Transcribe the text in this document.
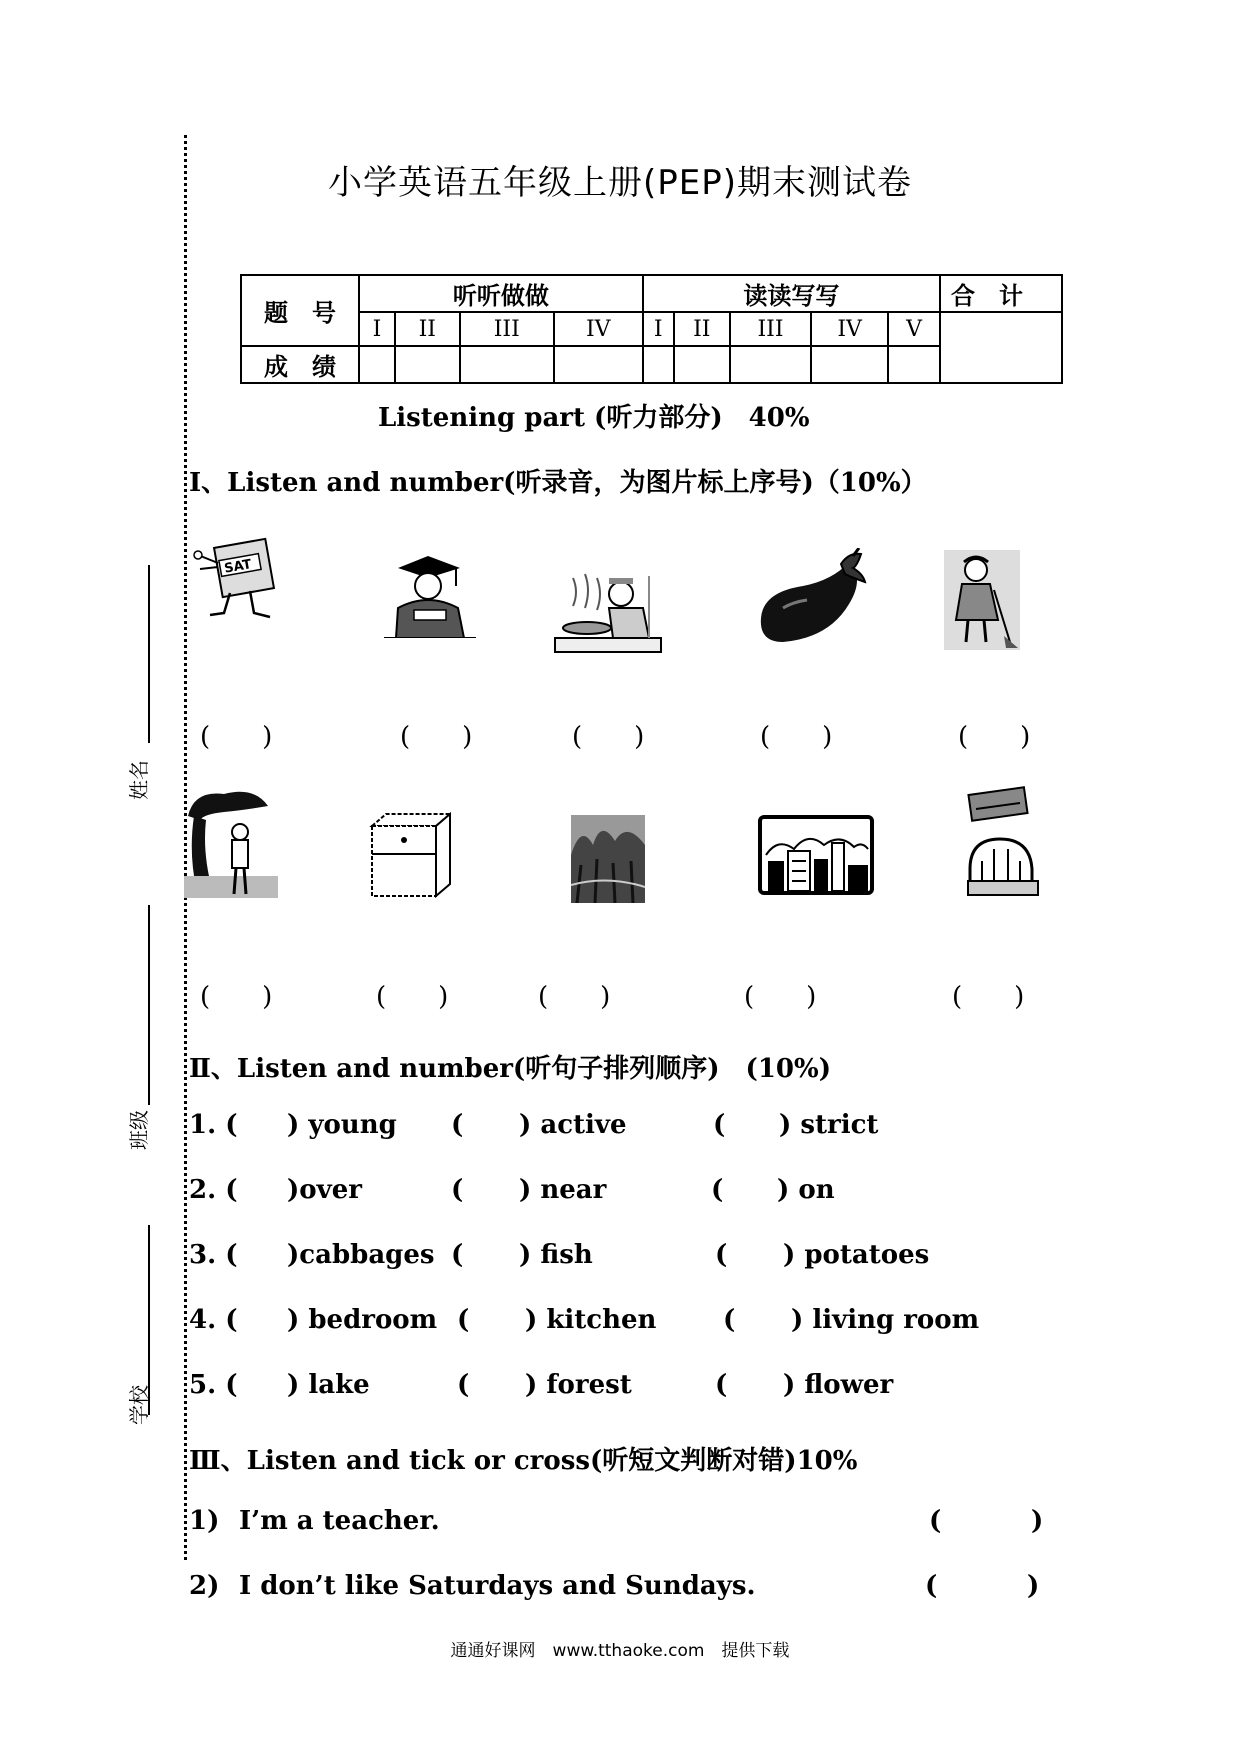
小学英语五年级上册(PEP)期末测试卷
姓名
班级
学校
题　号	听听做做				读读写写					合　计
	I	II	III	IV	I	II	III	IV	V	
成　绩										
Listening part (听力部分)　40%
Ⅰ、Listen and number(听录音，为图片标上序号)（10%）
SAT
(　　)	(　　)	(　　)	(　　)	(　　)
(　　)	(　　)	(　　)	(　　)	(　　)
Ⅱ、Listen and number(听句子排列顺序)　(10%)
1. ( ) young ( ) active	( ) strict
2. ( )over	( ) near	( ) on
3. ( )cabbages ( ) fish	( ) potatoes
4. ( ) bedroom ( ) kitchen	( ) living room
5. ( ) lake	( ) forest	( ) flower
Ⅲ、Listen and tick or cross(听短文判断对错)10%
1) I’m a teacher.	(	)
2) I don’t like Saturdays and Sundays.	(	)
通通好课网　www.tthaoke.com　提供下载
